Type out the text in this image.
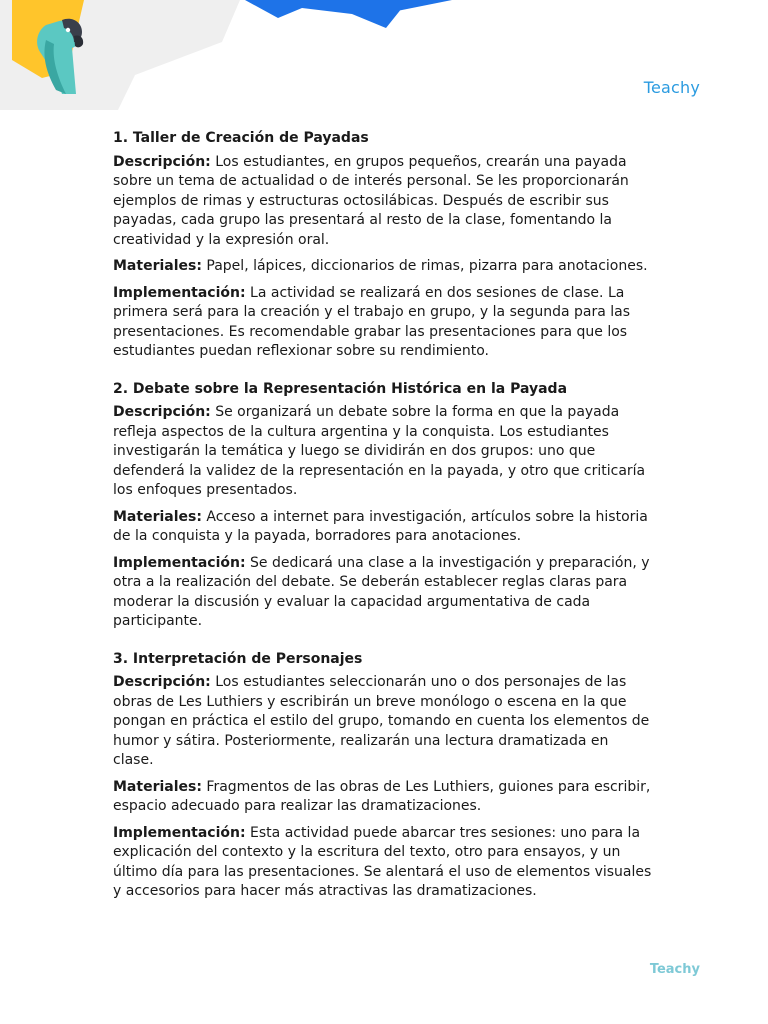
Teachy
1. Taller de Creación de Payadas

Descripción: Los estudiantes, en grupos pequeños, crearán una payada sobre un tema de actualidad o de interés personal. Se les proporcionarán ejemplos de rimas y estructuras octosilábicas. Después de escribir sus payadas, cada grupo las presentará al resto de la clase, fomentando la creatividad y la expresión oral.

Materiales: Papel, lápices, diccionarios de rimas, pizarra para anotaciones.

Implementación: La actividad se realizará en dos sesiones de clase. La primera será para la creación y el trabajo en grupo, y la segunda para las presentaciones. Es recomendable grabar las presentaciones para que los estudiantes puedan reflexionar sobre su rendimiento.

2. Debate sobre la Representación Histórica en la Payada

Descripción: Se organizará un debate sobre la forma en que la payada refleja aspectos de la cultura argentina y la conquista. Los estudiantes investigarán la temática y luego se dividirán en dos grupos: uno que defenderá la validez de la representación en la payada, y otro que criticaría los enfoques presentados.

Materiales: Acceso a internet para investigación, artículos sobre la historia de la conquista y la payada, borradores para anotaciones.

Implementación: Se dedicará una clase a la investigación y preparación, y otra a la realización del debate. Se deberán establecer reglas claras para moderar la discusión y evaluar la capacidad argumentativa de cada participante.

3. Interpretación de Personajes

Descripción: Los estudiantes seleccionarán uno o dos personajes de las obras de Les Luthiers y escribirán un breve monólogo o escena en la que pongan en práctica el estilo del grupo, tomando en cuenta los elementos de humor y sátira. Posteriormente, realizarán una lectura dramatizada en clase.

Materiales: Fragmentos de las obras de Les Luthiers, guiones para escribir, espacio adecuado para realizar las dramatizaciones.

Implementación: Esta actividad puede abarcar tres sesiones: uno para la explicación del contexto y la escritura del texto, otro para ensayos, y un último día para las presentaciones. Se alentará el uso de elementos visuales y accesorios para hacer más atractivas las dramatizaciones.

Teachy
